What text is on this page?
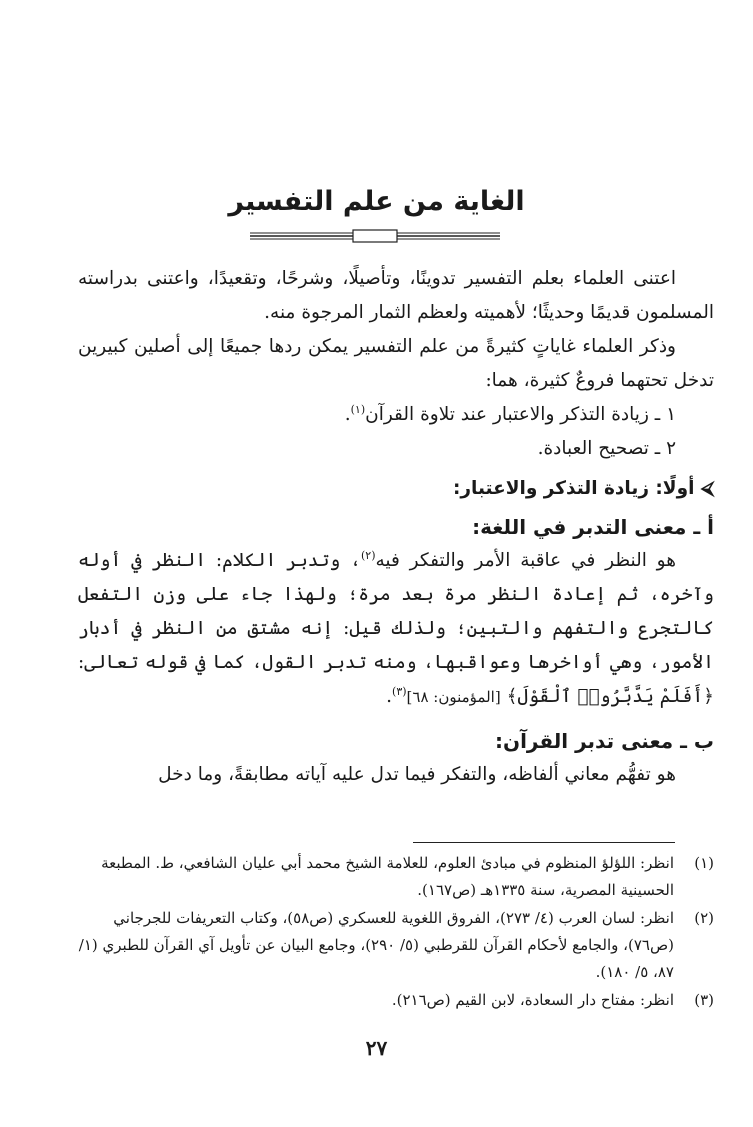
الغاية من علم التفسير

اعتنى العلماء بعلم التفسير تدوينًا، وتأصيلًا، وشرحًا، وتقعيدًا، واعتنى بدراسته المسلمون قديمًا وحديثًا؛ لأهميته ولعظم الثمار المرجوة منه.

وذكر العلماء غاياتٍ كثيرةً من علم التفسير يمكن ردها جميعًا إلى أصلين كبيرين تدخل تحتهما فروعٌ كثيرة، هما:

١ ـ زيادة التذكر والاعتبار عند تلاوة القرآن$^{(١)}$.

٢ ـ تصحيح العبادة.

⮘ أولًا: زيادة التذكر والاعتبار:

أ ـ معنى التدبر في اللغة:

هو النظر في عاقبة الأمر والتفكر فيه$^{(٢)}$، وتدبر الكلام: النظر في أوله وآخره، ثم إعادة النظر مرة بعد مرة؛ ولهذا جاء على وزن التفعل كالتجرع والتفهم والتبين؛ ولذلك قيل: إنه مشتق من النظر في أدبار الأمور، وهي أواخرها وعواقبها، ومنه تدبر القول، كما في قوله تعالى: ﴿أَفَلَمْ يَدَّبَّرُوا۟ ٱلْقَوْلَ﴾ [المؤمنون: ٦٨]$^{(٣)}$.

ب ـ معنى تدبر القرآن:

هو تفهُّم معاني ألفاظه، والتفكر فيما تدل عليه آياته مطابقةً، وما دخل

(١)
انظر: اللؤلؤ المنظوم في مبادئ العلوم، للعلامة الشيخ محمد أبي عليان الشافعي، ط. المطبعة الحسينية المصرية، سنة ١٣٣٥هـ (ص١٦٧).

(٢)
انظر: لسان العرب (٤/ ٢٧٣)، الفروق اللغوية للعسكري (ص٥٨)، وكتاب التعريفات للجرجاني (ص٧٦)، والجامع لأحكام القرآن للقرطبي (٥/ ٢٩٠)، وجامع البيان عن تأويل آي القرآن للطبري (١/ ٨٧، ٥/ ١٨٠).

(٣)
انظر: مفتاح دار السعادة، لابن القيم (ص٢١٦).

٢٧
